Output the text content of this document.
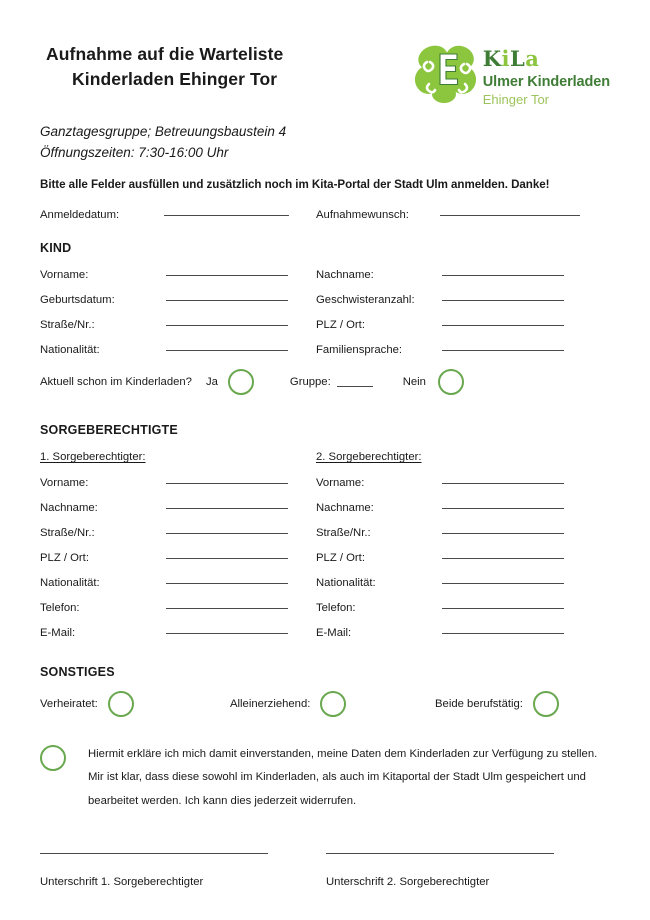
Aufnahme auf die Warteliste
Kinderladen Ehinger Tor
KiLa
Ulmer Kinderladen
Ehinger Tor
Ganztagesgruppe; Betreuungsbaustein 4
Öffnungszeiten: 7:30-16:00 Uhr
Bitte alle Felder ausfüllen und zusätzlich noch im Kita-Portal der Stadt Ulm anmelden. Danke!
Anmeldedatum:	Aufnahmewunsch:
KIND
Vorname:	Nachname:
Geburtsdatum:	Geschwisteranzahl:
Straße/Nr.:	PLZ / Ort:
Nationalität:	Familiensprache:
Aktuell schon im Kinderladen? Ja	Gruppe:	Nein
SORGEBERECHTIGTE
1. Sorgeberechtigter:	2. Sorgeberechtigter:
Vorname:	Vorname:
Nachname:	Nachname:
Straße/Nr.:	Straße/Nr.:
PLZ / Ort:	PLZ / Ort:
Nationalität:	Nationalität:
Telefon:	Telefon:
E-Mail:	E-Mail:
SONSTIGES
Verheiratet:	Alleinerziehend:	Beide berufstätig:
Hiermit erkläre ich mich damit einverstanden, meine Daten dem Kinderladen zur Verfügung zu stellen. Mir ist klar, dass diese sowohl im Kinderladen, als auch im Kitaportal der Stadt Ulm gespeichert und bearbeitet werden. Ich kann dies jederzeit widerrufen.
Unterschrift 1. Sorgeberechtigter	Unterschrift 2. Sorgeberechtigter
